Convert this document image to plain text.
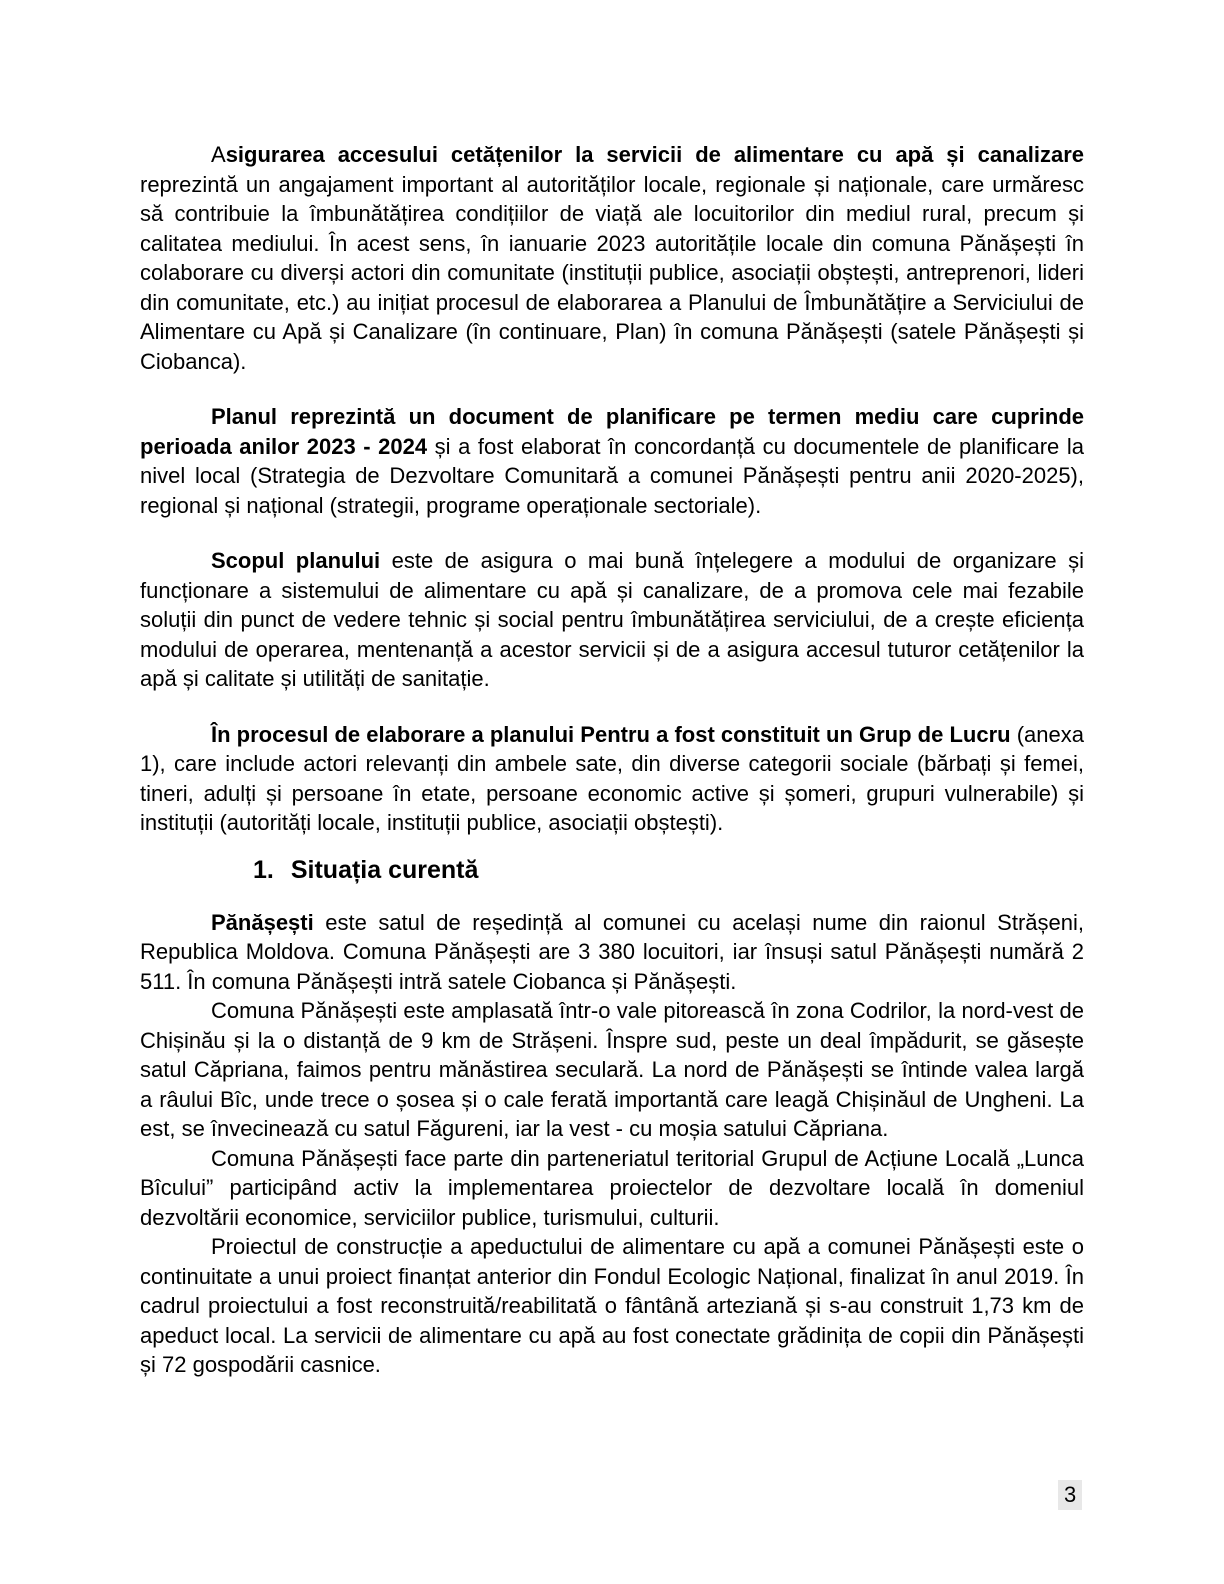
Asigurarea accesului cetățenilor la servicii de alimentare cu apă și canalizare reprezintă un angajament important al autorităților locale, regionale și naționale, care urmăresc să contribuie la îmbunătățirea condițiilor de viață ale locuitorilor din mediul rural, precum și calitatea mediului. În acest sens, în ianuarie 2023 autoritățile locale din comuna Pănășești în colaborare cu diverși actori din comunitate (instituții publice, asociații obștești, antreprenori, lideri din comunitate, etc.) au inițiat procesul de elaborarea a Planului de Îmbunătățire a Serviciului de Alimentare cu Apă și Canalizare (în continuare, Plan) în comuna Pănășești (satele Pănășești și Ciobanca).

Planul reprezintă un document de planificare pe termen mediu care cuprinde perioada anilor 2023 - 2024 și a fost elaborat în concordanță cu documentele de planificare la nivel local (Strategia de Dezvoltare Comunitară a comunei Pănășești pentru anii 2020-2025), regional și național (strategii, programe operaționale sectoriale).

Scopul planului este de asigura o mai bună înțelegere a modului de organizare și funcționare a sistemului de alimentare cu apă și canalizare, de a promova cele mai fezabile soluții din punct de vedere tehnic și social pentru îmbunătățirea serviciului, de a crește eficiența modului de operarea, mentenanță a acestor servicii și de a asigura accesul tuturor cetățenilor la apă și calitate și utilități de sanitație.

În procesul de elaborare a planului Pentru a fost constituit un Grup de Lucru (anexa 1), care include actori relevanți din ambele sate, din diverse categorii sociale (bărbați și femei, tineri, adulți și persoane în etate, persoane economic active și șomeri, grupuri vulnerabile) și instituții (autorități locale, instituții publice, asociații obștești).

1. Situația curentă

Pănășești este satul de reședință al comunei cu același nume din raionul Strășeni, Republica Moldova. Comuna Pănășești are 3 380 locuitori, iar însuși satul Pănășești numără 2 511. În comuna Pănășești intră satele Ciobanca și Pănășești.

Comuna Pănășești este amplasată într-o vale pitorească în zona Codrilor, la nord-vest de Chișinău și la o distanță de 9 km de Strășeni. Înspre sud, peste un deal împădurit, se găsește satul Căpriana, faimos pentru mănăstirea seculară. La nord de Pănășești se întinde valea largă a râului Bîc, unde trece o șosea și o cale ferată importantă care leagă Chișinăul de Ungheni. La est, se învecinează cu satul Făgureni, iar la vest - cu moșia satului Căpriana.

Comuna Pănășești face parte din parteneriatul teritorial Grupul de Acțiune Locală „Lunca Bîcului” participând activ la implementarea proiectelor de dezvoltare locală în domeniul dezvoltării economice, serviciilor publice, turismului, culturii.

Proiectul de construcție a apeductului de alimentare cu apă a comunei Pănășești este o continuitate a unui proiect finanțat anterior din Fondul Ecologic Național, finalizat în anul 2019. În cadrul proiectului a fost reconstruită/reabilitată o fântână arteziană și s-au construit 1,73 km de apeduct local. La servicii de alimentare cu apă au fost conectate grădinița de copii din Pănășești și 72 gospodării casnice.

3
